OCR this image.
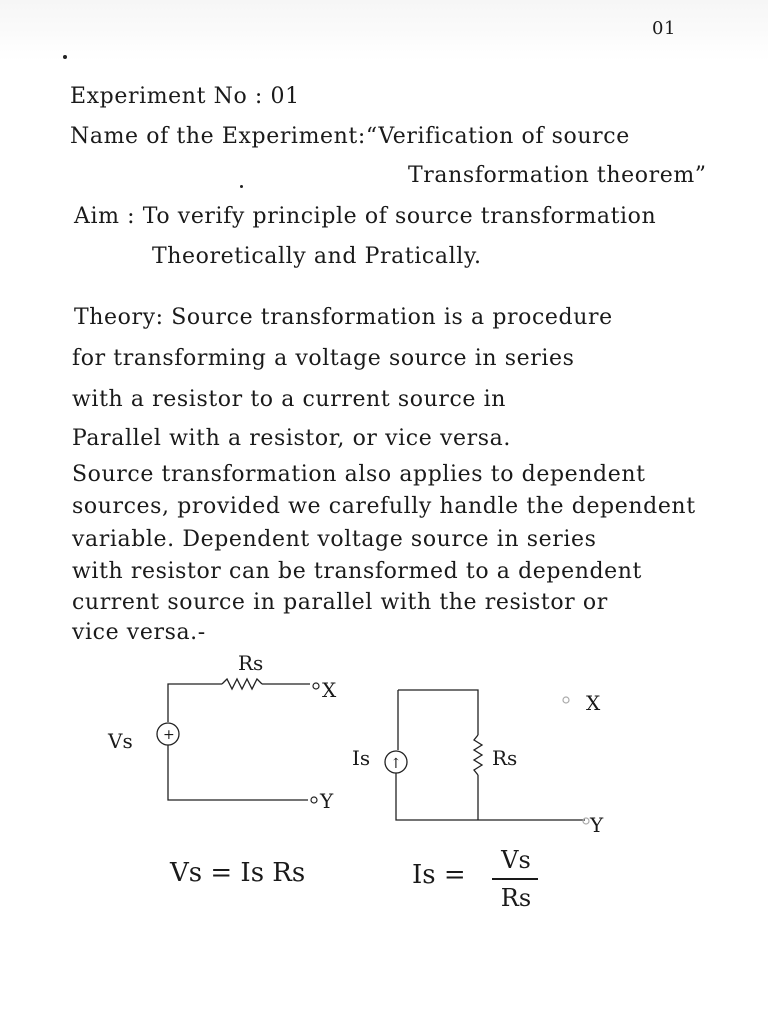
01
Experiment No : 01
Name of the Experiment:“Verification of source
Transformation theorem”
Aim : To verify principle of source transformation
Theoretically and Pratically.
Theory: Source transformation is a procedure
for transforming a voltage source in series
with a resistor to a current source in
Parallel with a resistor, or vice versa.
Source transformation also applies to dependent
sources, provided we carefully handle the dependent
variable. Dependent voltage source in series
with resistor can be transformed to a dependent
current source in parallel with the resistor or
vice versa.-
Rs
Vs +
X
Y
Is ↑	Rs
X
Y
Vs = Is Rs	Is = Vs
Rs
